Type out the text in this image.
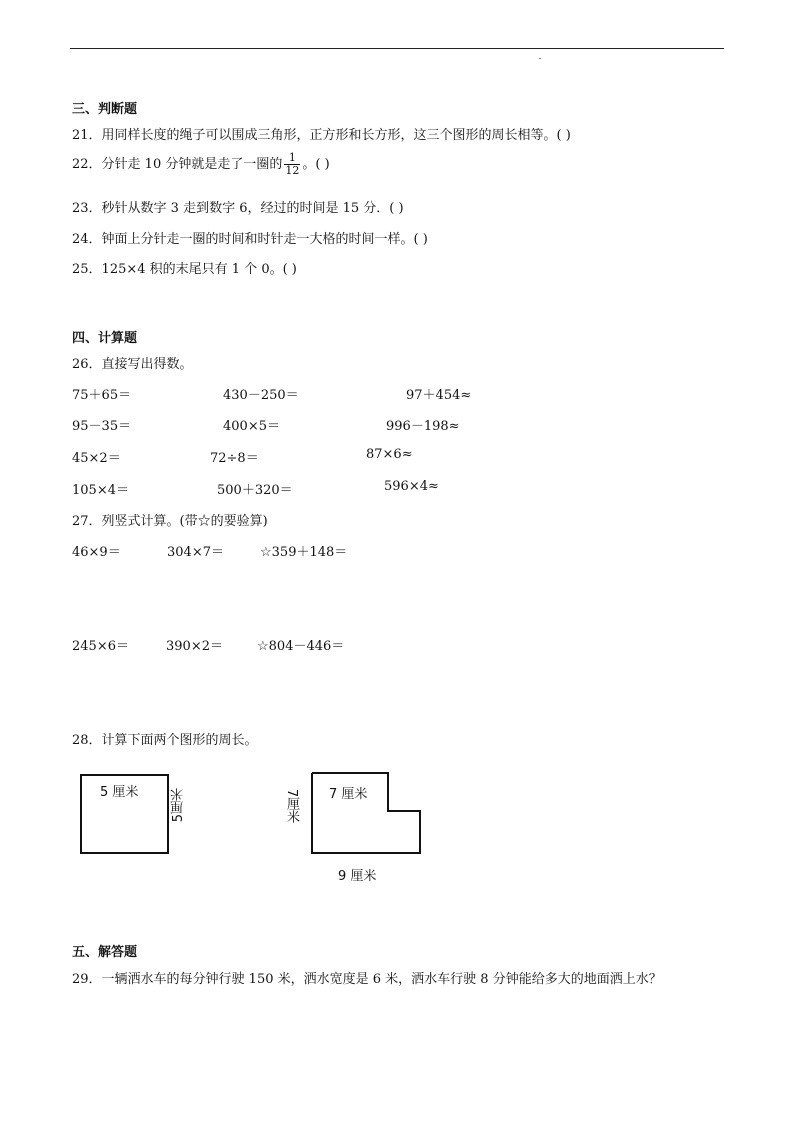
三、判断题
21．用同样长度的绳子可以围成三角形，正方形和长方形，这三个图形的周长相等。( )
22．分针走 10 分钟就是走了一圈的 $\frac{1}{12}$ 。( )
23．秒针从数字 3 走到数字 6，经过的时间是 15 分．( )
24．钟面上分针走一圈的时间和时针走一大格的时间一样。( )
25．125×4 积的末尾只有 1 个 0。( )
四、计算题
26．直接写出得数。
75＋65＝	430－250＝	97＋454≈
95－35＝	400×5＝	996－198≈
45×2＝	72÷8＝	87×6≈
105×4＝	500＋320＝	596×4≈
27．列竖式计算。(带☆的要验算)
46×9＝	304×7＝	☆359＋148＝
245×6＝	390×2＝	☆804－446＝
28．计算下面两个图形的周长。
5 厘米	5厘米	7厘米 7 厘米
9 厘米
五、解答题
29．一辆洒水车的每分钟行驶 150 米，洒水宽度是 6 米，洒水车行驶 8 分钟能给多大的地面洒上水？
